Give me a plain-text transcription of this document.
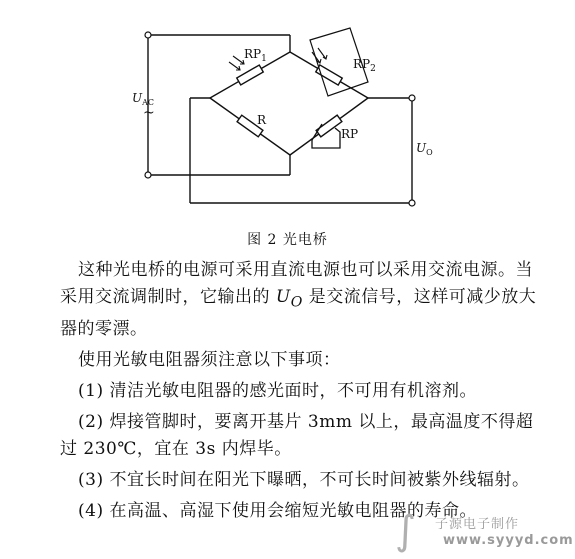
~
$RP_1$	$RP_2$
R
RP
$U_{AC}$
$U_O$
图 2 光电桥

这种光电桥的电源可采用直流电源也可以采用交流电源。当采用交流调制时，它输出的 $U_O$ 是交流信号，这样可减少放大器的零漂。

使用光敏电阻器须注意以下事项：

(1) 清洁光敏电阻器的感光面时，不可用有机溶剂。

(2) 焊接管脚时，要离开基片 3mm 以上，最高温度不得超过 230℃，宜在 3s 内焊毕。

(3) 不宜长时间在阳光下曝晒，不可长时间被紫外线辐射。

(4) 在高温、高湿下使用会缩短光敏电阻器的寿命。

∫ 子源电子制作
www.syyyd.com
